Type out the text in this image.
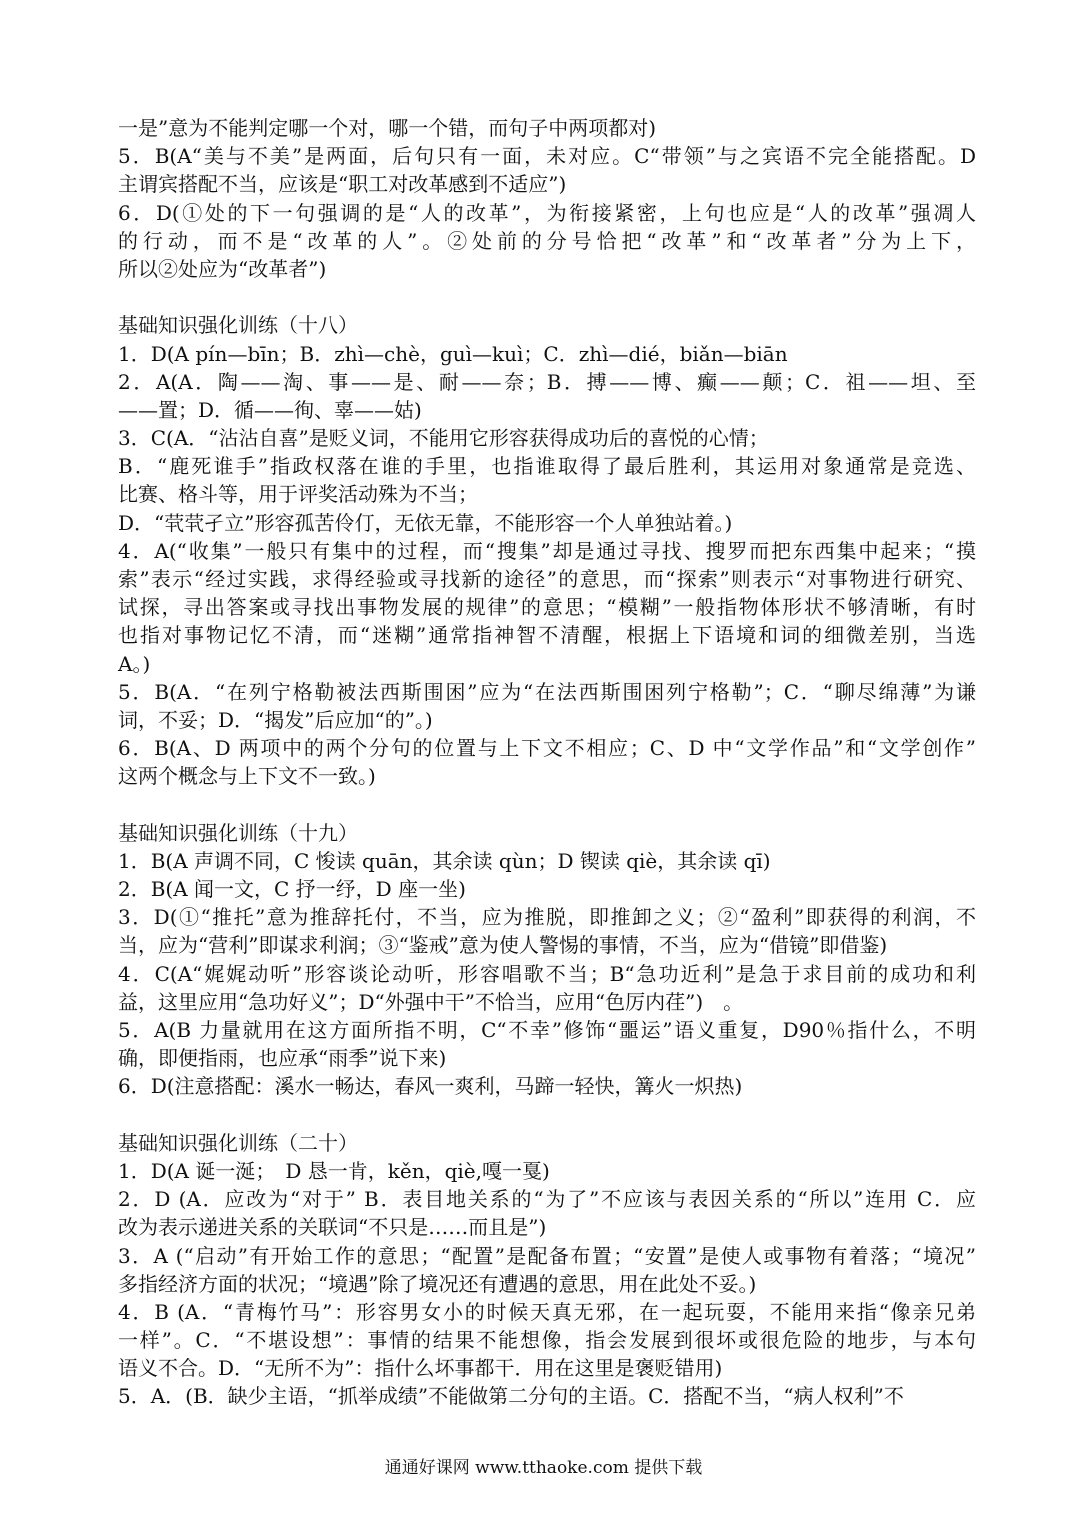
一是”意为不能判定哪一个对，哪一个错，而句子中两项都对)
5．B(A“美与不美”是两面，后句只有一面，未对应。C“带领”与之宾语不完全能搭配。D
主谓宾搭配不当，应该是“职工对改革感到不适应”)
6．D(①处的下一句强调的是“人的改革”，为衔接紧密，上句也应是“人的改革”强凋人
的行动，而不是“改革的人”。②处前的分号恰把“改革”和“改革者”分为上下，
所以②处应为“改革者”)
基础知识强化训练（十八）
1．D(A pín—bīn；B．zhì—chè，guì—kuì；C．zhì—dié，biǎn—biān
2．A(A．陶——淘、事——是、耐——奈；B．搏——博、癫——颠；C．祖——坦、至
——置；D．循——徇、辜——姑)
3．C(A．“沾沾自喜”是贬义词，不能用它形容获得成功后的喜悦的心情；
B．“鹿死谁手”指政权落在谁的手里，也指谁取得了最后胜利，其运用对象通常是竞选、
比赛、格斗等，用于评奖活动殊为不当；
D．“茕茕孑立”形容孤苦伶仃，无依无靠，不能形容一个人单独站着。)
4．A(“收集”一般只有集中的过程，而“搜集”却是通过寻找、搜罗而把东西集中起来；“摸
索”表示“经过实践，求得经验或寻找新的途径”的意思，而“探索”则表示“对事物进行研究、
试探，寻出答案或寻找出事物发展的规律”的意思；“模糊”一般指物体形状不够清晰，有时
也指对事物记忆不清，而“迷糊”通常指神智不清醒，根据上下语境和词的细微差别，当选
A。)
5．B(A．“在列宁格勒被法西斯围困”应为“在法西斯围困列宁格勒”；C．“聊尽绵薄”为谦
词，不妥；D．“揭发”后应加“的”。)
6．B(A、D 两项中的两个分句的位置与上下文不相应；C、D 中“文学作品”和“文学创作”
这两个概念与上下文不一致。)
基础知识强化训练（十九）
1．B(A 声调不同，C 悛读 quān，其余读 qùn；D 锲读 qiè，其余读 qī)
2．B(A 闻一文，C 抒一纾，D 座一坐)
3．D(①“推托”意为推辞托付，不当，应为推脱，即推卸之义；②“盈利”即获得的利润，不
当，应为“营利”即谋求利润；③“鉴戒”意为使人警惕的事情，不当，应为“借镜”即借鉴)
4．C(A“娓娓动听”形容谈论动听，形容唱歌不当；B“急功近利”是急于求目前的成功和利
益，这里应用“急功好义”；D“外强中干”不恰当，应用“色厉内荏”)　。
5．A(B 力量就用在这方面所指不明，C“不幸”修饰“噩运”语义重复，D90％指什么，不明
确，即便指雨，也应承“雨季”说下来)
6．D(注意搭配：溪水一畅达，春风一爽利，马蹄一轻快，篝火一炽热)
基础知识强化训练（二十）
1．D(A 诞一涎；　D 恳一肯，kěn，qiè,嘎一戛)
2．D (A．应改为“对于” B．表目地关系的“为了”不应该与表因关系的“所以”连用 C．应
改为表示递进关系的关联词“不只是……而且是”)
3．A (“启动”有开始工作的意思；“配置”是配备布置；“安置”是使人或事物有着落；“境况”
多指经济方面的状况；“境遇”除了境况还有遭遇的意思，用在此处不妥。)
4．B (A．“青梅竹马”：形容男女小的时候天真无邪，在一起玩耍，不能用来指“像亲兄弟
一样”。C．“不堪设想”：事情的结果不能想像，指会发展到很坏或很危险的地步，与本句
语义不合。D．“无所不为”：指什么坏事都干．用在这里是褒贬错用)
5．A．(B．缺少主语，“抓举成绩”不能做第二分句的主语。C．搭配不当，“病人权利”不
通通好课网 www.tthaoke.com 提供下载
